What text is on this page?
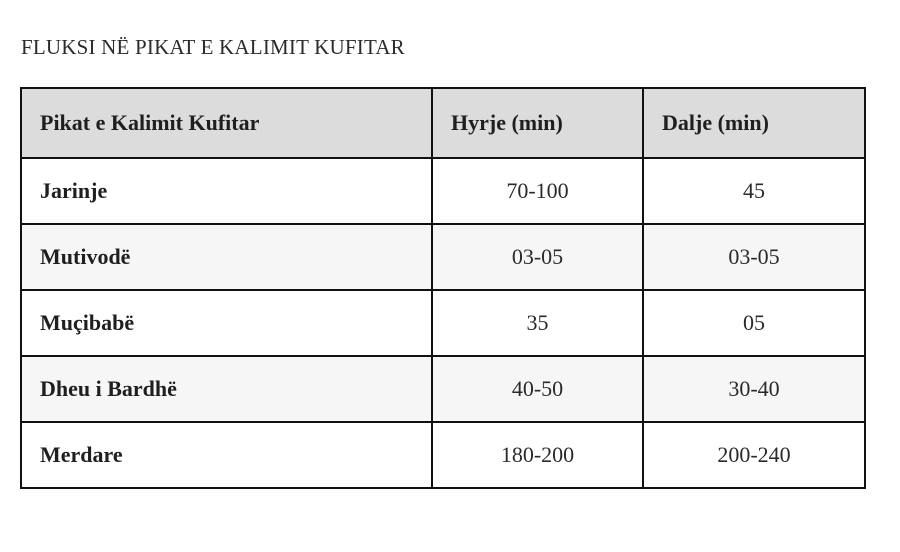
FLUKSI NË PIKAT E KALIMIT KUFITAR
Pikat e Kalimit Kufitar	Hyrje (min)	Dalje (min)
Jarinje	70-100	45
Mutivodë	03-05	03-05
Muçibabë	35	05
Dheu i Bardhë	40-50	30-40
Merdare	180-200	200-240
